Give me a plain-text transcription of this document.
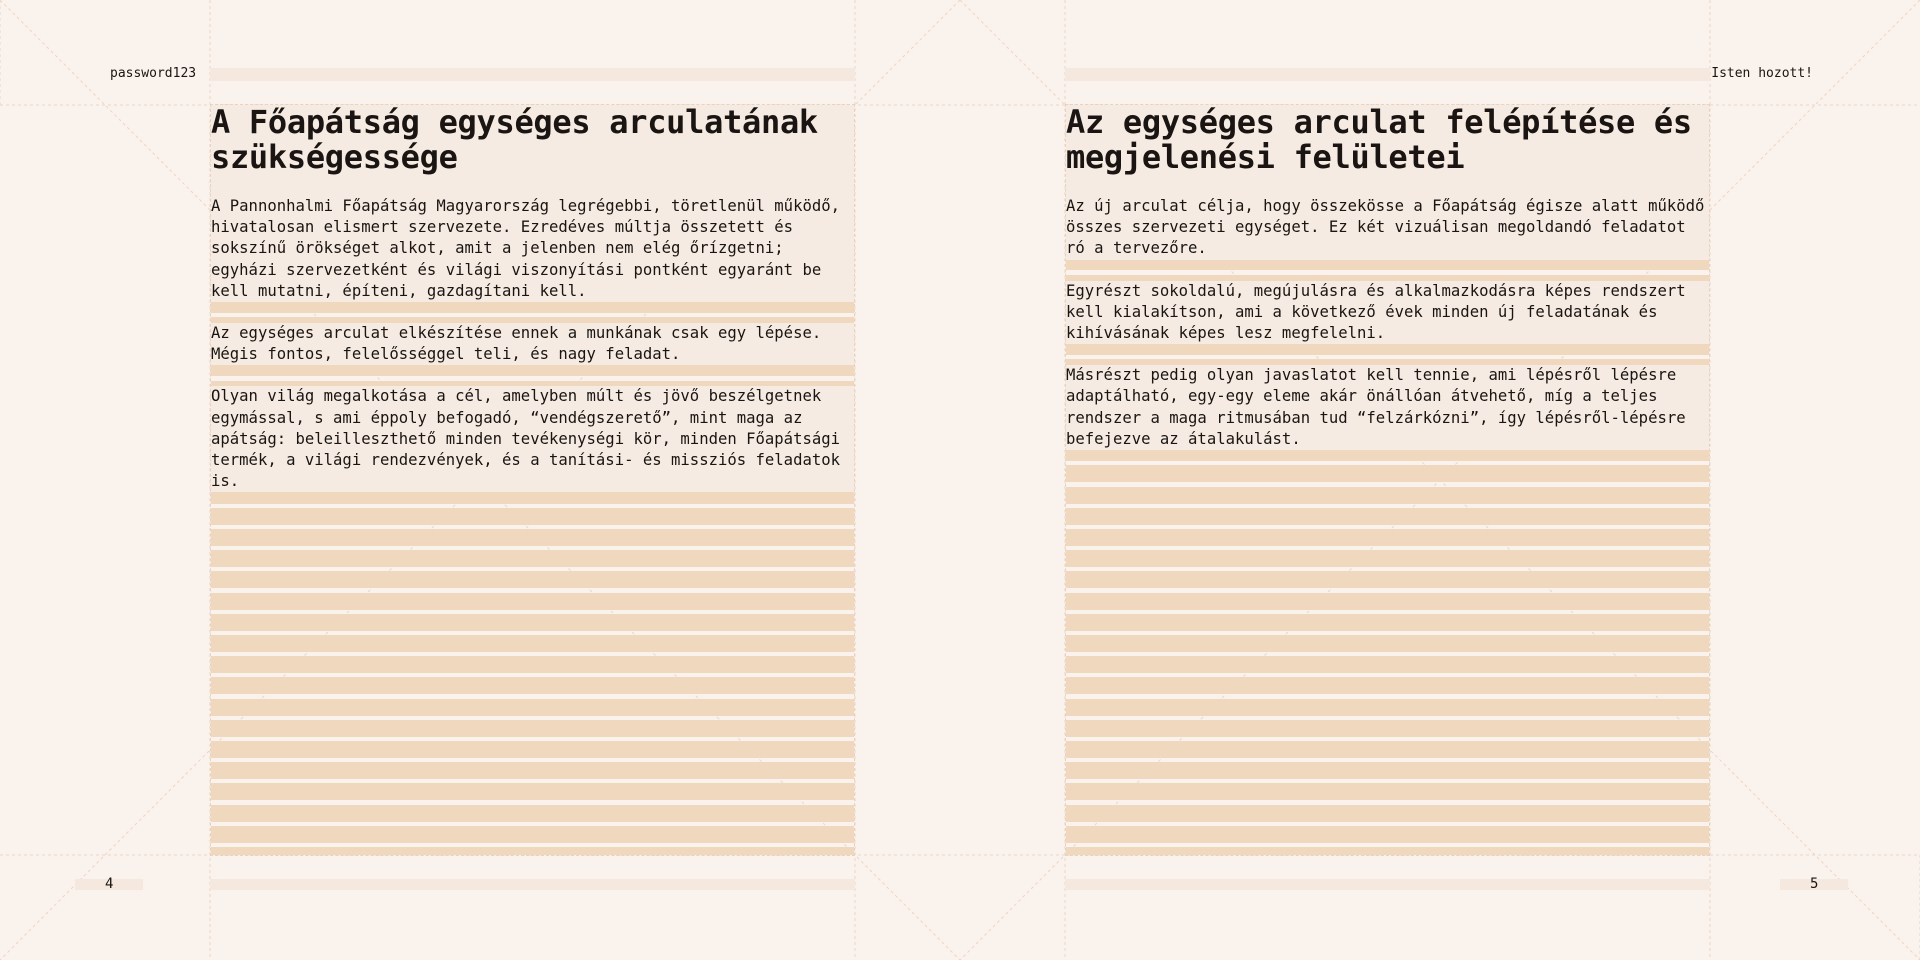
password123
A Főapátság egységes arculatának szükségessége

A Pannonhalmi Főapátság Magyarország legrégebbi, töretlenül működő, hivatalosan elismert szervezete. Ezredéves múltja összetett és sokszínű örökséget alkot, amit a jelenben nem elég őrízgetni; egyházi szervezetként és világi viszonyítási pontként egyaránt be kell mutatni, építeni, gazdagítani kell.

Az egységes arculat elkészítése ennek a munkának csak egy lépése. Mégis fontos, felelősséggel teli, és nagy feladat.

Olyan világ megalkotása a cél, amelyben múlt és jövő beszélgetnek egymással, s ami éppoly befogadó, “vendégszerető”, mint maga az apátság: beleilleszthető minden tevékenységi kör, minden Főapátsági termék, a világi rendezvények, és a tanítási- és missziós feladatok is.

4
Isten hozott!
Az egységes arculat felépítése és megjelenési felületei

Az új arculat célja, hogy összekösse a Főapátság égisze alatt működő összes szervezeti egységet. Ez két vizuálisan megoldandó feladatot ró a tervezőre.

Egyrészt sokoldalú, megújulásra és alkalmazkodásra képes rendszert kell kialakítson, ami a következő évek minden új feladatának és kihívásának képes lesz megfelelni.

Másrészt pedig olyan javaslatot kell tennie, ami lépésről lépésre adaptálható, egy-egy eleme akár önállóan átvehető, míg a teljes rendszer a maga ritmusában tud “felzárkózni”, így lépésről-lépésre befejezve az átalakulást.

5
